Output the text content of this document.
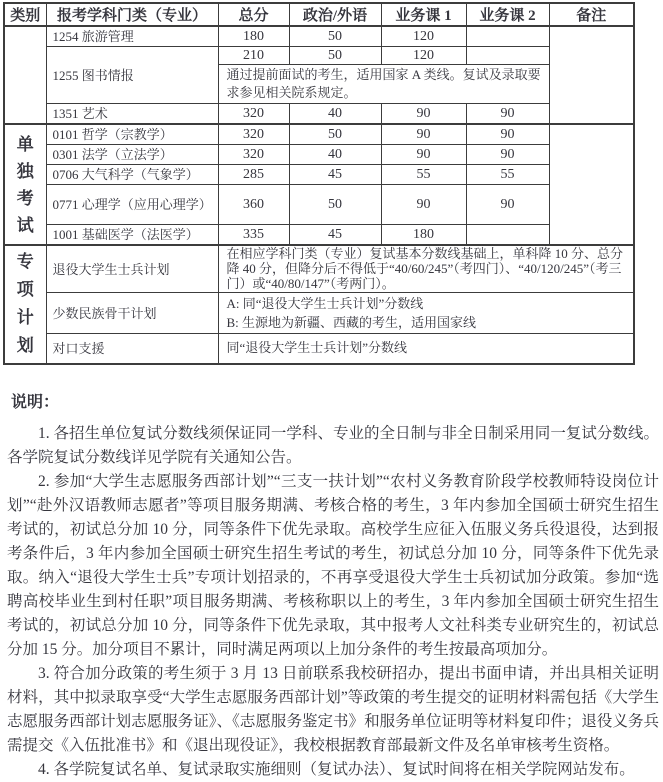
类别	报考学科门类（专业）	总分	政治/外语	业务课 1	业务课 2	备注
	1254 旅游管理	180	50	120		
	1255 图书情报	210	50	120		
		通过提前面试的考生，适用国家 A 类线。复试及录取要求参见相关院系规定。				
	1351 艺术	320	40	90	90	

单独考试	0101 哲学（宗教学）	320	50	90	90	
	0301 法学（立法学）	320	40	90	90	
	0706 大气科学（气象学）	285	45	55	55	
	0771 心理学（应用心理学）	360	50	90	90	
	1001 基础医学（法医学）	335	45	180		

专项计划	退役大学生士兵计划	在相应学科门类（专业）复试基本分数线基础上，单科降 10 分、总分降 40 分，但降分后不得低于“40/60/245”（考四门）、“40/120/245”（考三门）或“40/80/147”（考两门）。				
	少数民族骨干计划	A: 同“退役大学生士兵计划”分数线
B: 生源地为新疆、西藏的考生，适用国家线				

	对口支援	同“退役大学生士兵计划”分数线				
说明：

1. 各招生单位复试分数线须保证同一学科、专业的全日制与非全日制采用同一复试分数线。各学院复试分数线详见学院有关通知公告。

2. 参加“大学生志愿服务西部计划”“三支一扶计划”“农村义务教育阶段学校教师特设岗位计划”“赴外汉语教师志愿者”等项目服务期满、考核合格的考生，3 年内参加全国硕士研究生招生考试的，初试总分加 10 分，同等条件下优先录取。高校学生应征入伍服义务兵役退役，达到报考条件后，3 年内参加全国硕士研究生招生考试的考生，初试总分加 10 分，同等条件下优先录取。纳入“退役大学生士兵”专项计划招录的，不再享受退役大学生士兵初试加分政策。参加“选聘高校毕业生到村任职”项目服务期满、考核称职以上的考生，3 年内参加全国硕士研究生招生考试的，初试总分加 10 分，同等条件下优先录取，其中报考人文社科类专业研究生的，初试总分加 15 分。加分项目不累计，同时满足两项以上加分条件的考生按最高项加分。

3. 符合加分政策的考生须于 3 月 13 日前联系我校研招办，提出书面申请，并出具相关证明材料，其中拟录取享受“大学生志愿服务西部计划”等政策的考生提交的证明材料需包括《大学生志愿服务西部计划志愿服务证》、《志愿服务鉴定书》和服务单位证明等材料复印件；退役义务兵需提交《入伍批准书》和《退出现役证》，我校根据教育部最新文件及名单审核考生资格。

4. 各学院复试名单、复试录取实施细则（复试办法）、复试时间将在相关学院网站发布。
